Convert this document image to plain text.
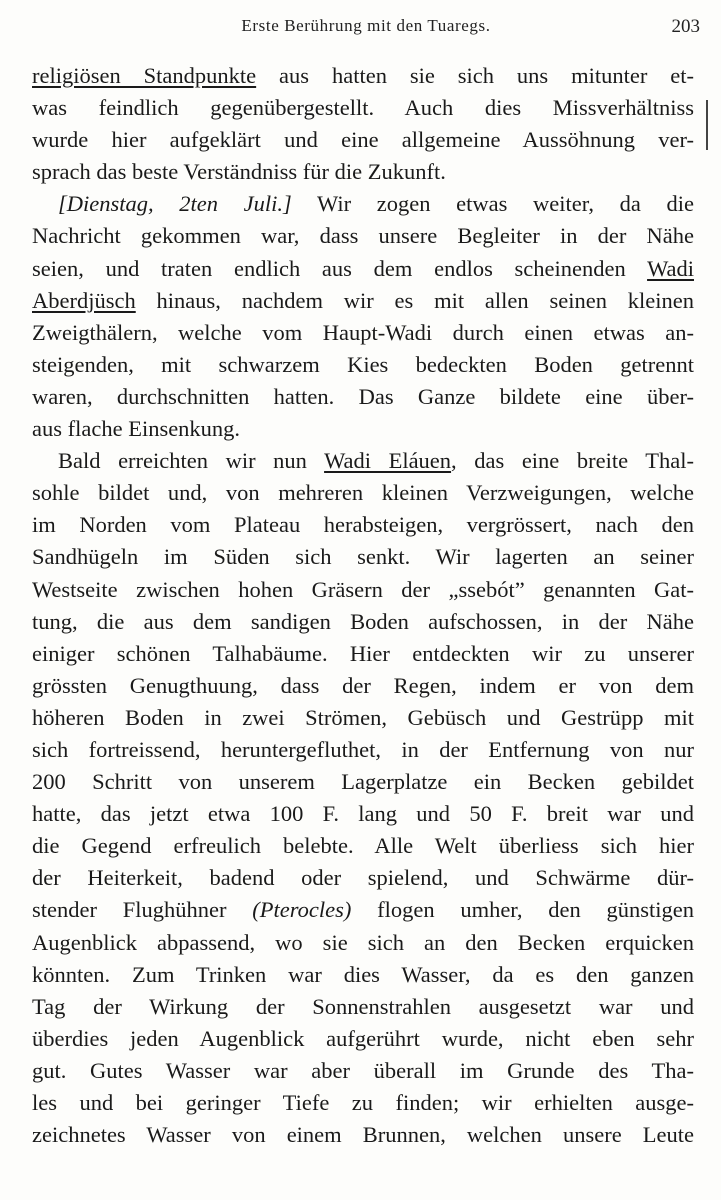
Erste Berührung mit den Tuaregs.	203
religiösen Standpunkte aus hatten sie sich uns mitunter et-
was feindlich gegenübergestellt. Auch dies Missverhältniss
wurde hier aufgeklärt und eine allgemeine Aussöhnung ver-
sprach das beste Verständniss für die Zukunft.
[Dienstag, 2ten Juli.] Wir zogen etwas weiter, da die
Nachricht gekommen war, dass unsere Begleiter in der Nähe
seien, und traten endlich aus dem endlos scheinenden Wadi
Aberdjüsch hinaus, nachdem wir es mit allen seinen kleinen
Zweigthälern, welche vom Haupt-Wadi durch einen etwas an-
steigenden, mit schwarzem Kies bedeckten Boden getrennt
waren, durchschnitten hatten. Das Ganze bildete eine über-
aus flache Einsenkung.
Bald erreichten wir nun Wadi Eláuen, das eine breite Thal-
sohle bildet und, von mehreren kleinen Verzweigungen, welche
im Norden vom Plateau herabsteigen, vergrössert, nach den
Sandhügeln im Süden sich senkt. Wir lagerten an seiner
Westseite zwischen hohen Gräsern der „ssebót” genannten Gat-
tung, die aus dem sandigen Boden aufschossen, in der Nähe
einiger schönen Talhabäume. Hier entdeckten wir zu unserer
grössten Genugthuung, dass der Regen, indem er von dem
höheren Boden in zwei Strömen, Gebüsch und Gestrüpp mit
sich fortreissend, heruntergefluthet, in der Entfernung von nur
200 Schritt von unserem Lagerplatze ein Becken gebildet
hatte, das jetzt etwa 100 F. lang und 50 F. breit war und
die Gegend erfreulich belebte. Alle Welt überliess sich hier
der Heiterkeit, badend oder spielend, und Schwärme dür-
stender Flughühner (Pterocles) flogen umher, den günstigen
Augenblick abpassend, wo sie sich an den Becken erquicken
könnten. Zum Trinken war dies Wasser, da es den ganzen
Tag der Wirkung der Sonnenstrahlen ausgesetzt war und
überdies jeden Augenblick aufgerührt wurde, nicht eben sehr
gut. Gutes Wasser war aber überall im Grunde des Tha-
les und bei geringer Tiefe zu finden; wir erhielten ausge-
zeichnetes Wasser von einem Brunnen, welchen unsere Leute
